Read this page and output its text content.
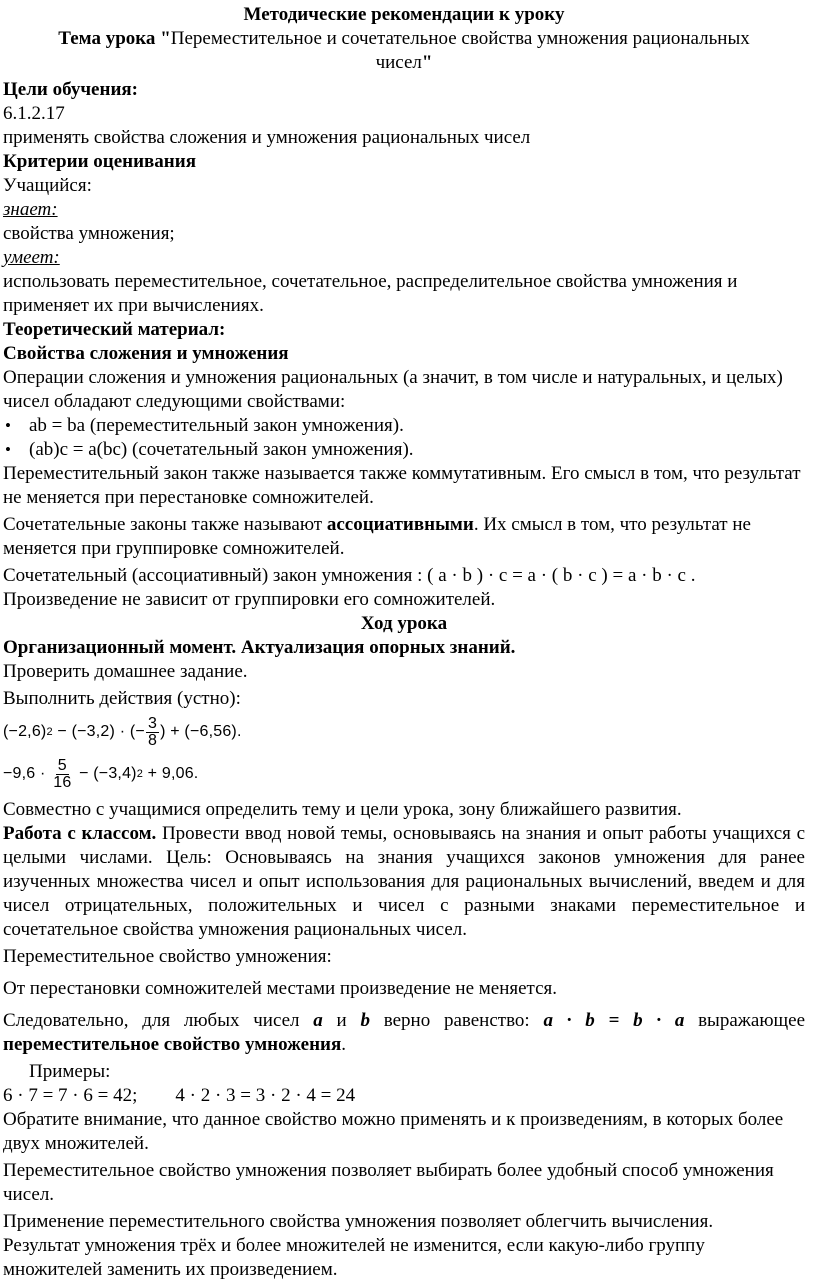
Методические рекомендации к уроку

Тема урока "Переместительное и сочетательное свойства умножения рациональных
чисел"

Цели обучения:

6.1.2.17

применять свойства сложения и умножения рациональных чисел

Критерии оценивания

Учащийся:

знает:

свойства умножения;

умеет:

использовать переместительное, сочетательное, распределительное свойства умножения и применяет их при вычислениях.

Теоретический материал:

Свойства сложения и умножения

Операции сложения и умножения рациональных (а значит, в том числе и натуральных, и целых) чисел обладают следующими свойствами:

• ab = ba (переместительный закон умножения).
• (ab)c = a(bc) (сочетательный закон умножения).

Переместительный закон также называется также коммутативным. Его смысл в том, что результат не меняется при перестановке сомножителей.

Сочетательные законы также называют ассоциативными. Их смысл в том, что результат не меняется при группировке сомножителей.

Сочетательный (ассоциативный) закон умножения : ( a · b ) · c = a · ( b · c ) = a · b · c .

Произведение не зависит от группировки его сомножителей.

Ход урока

Организационный момент. Актуализация опорных знаний.

Проверить домашнее задание.

Выполнить действия (устно):

(−2,6) 2 − (−3,2) · (− $\frac{3}{8}$ ) + (−6,56).
$-9,6 \cdot \frac{5}{16} - (-3,4) 2 + 9,06$.

Совместно с учащимися определить тему и цели урока, зону ближайшего развития.

Работа с классом. Провести ввод новой темы, основываясь на знания и опыт работы учащихся с целыми числами. Цель: Основываясь на знания учащихся законов умножения для ранее изученных множества чисел и опыт использования для рациональных вычислений, введем и для чисел отрицательных, положительных и чисел с разными знаками переместительное и сочетательное свойства умножения рациональных чисел.

Переместительное свойство умножения:

От перестановки сомножителей местами произведение не меняется.

Следовательно, для любых чисел a и b верно равенство: a · b = b · a выражающее переместительное свойство умножения.

Примеры:

6 · 7 = 7 · 6 = 42; 4 · 2 · 3 = 3 · 2 · 4 = 24

Обратите внимание, что данное свойство можно применять и к произведениям, в которых более двух множителей.

Переместительное свойство умножения позволяет выбирать более удобный способ умножения чисел.

Применение переместительного свойства умножения позволяет облегчить вычисления.

Результат умножения трёх и более множителей не изменится, если какую-либо группу множителей заменить их произведением.
